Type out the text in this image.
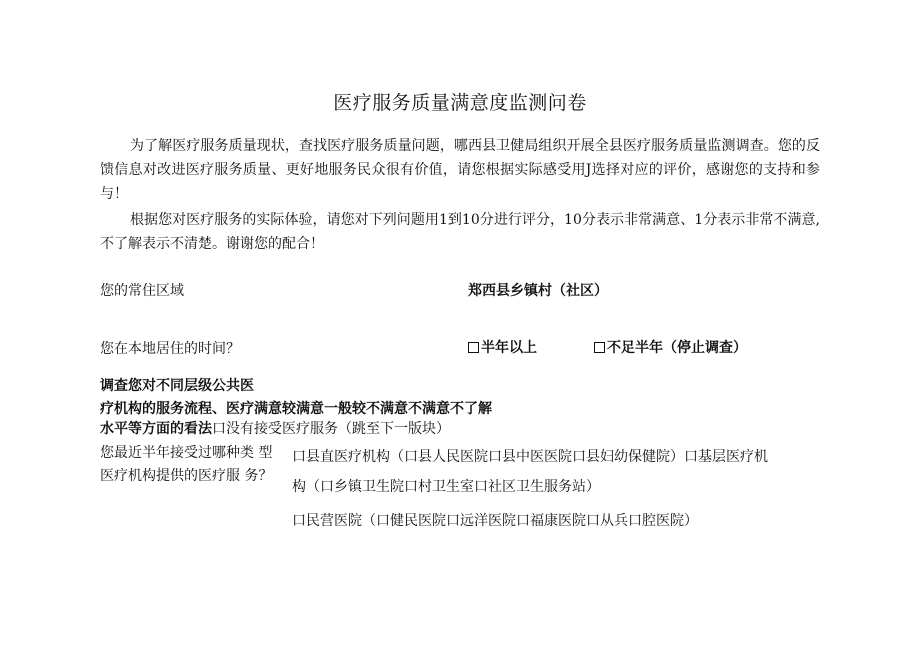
医疗服务质量满意度监测问卷
为了解医疗服务质量现状，查找医疗服务质量问题，哪西县卫健局组织开展全县医疗服务质量监测调查。您的反馈信息对改进医疗服务质量、更好地服务民众很有价值，请您根据实际感受用J选择对应的评价，感谢您的支持和参与！
根据您对医疗服务的实际体验，请您对下列问题用1到10分进行评分，10分表示非常满意、1分表示非常不满意, 不了解表示不清楚。谢谢您的配合！
您的常住区域	郑西县乡镇村（社区）
您在本地居住的时间？	半年以上	不足半年（停止调查）
调查您对不同层级公共医
疗机构的服务流程、医疗满意较满意一般较不满意不满意不了解
水平等方面的看法口没有接受医疗服务（跳至下一版块）
您最近半年接受过哪种类 型
医疗机构提供的医疗服 务？
口县直医疗机构（口县人民医院口县中医医院口县妇幼保健院）口基层医疗机
构（口乡镇卫生院口村卫生室口社区卫生服务站）
口民营医院（口健民医院口远洋医院口福康医院口从兵口腔医院）
